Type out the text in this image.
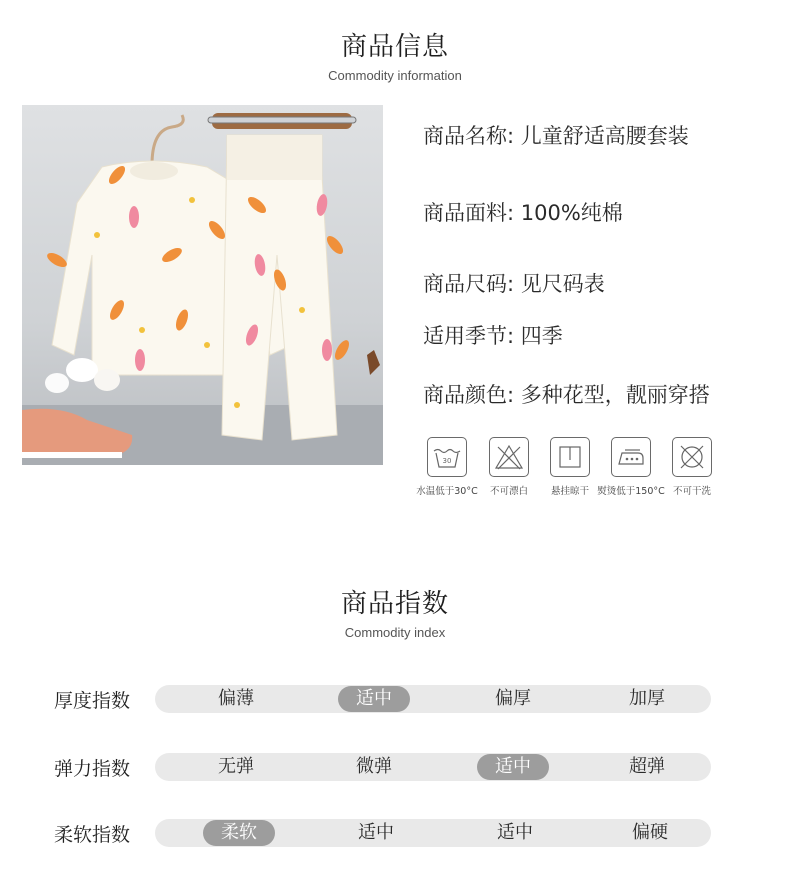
商品信息
Commodity information
商品名称: 儿童舒适高腰套装
商品面料: 100%纯棉
商品尺码: 见尺码表
适用季节: 四季
商品颜色: 多种花型，靓丽穿搭
30
水温低于30°C	不可漂白	悬挂晾干 熨烫低于150°C 不可干洗
商品指数
Commodity index
厚度指数	偏薄	适中	偏厚	加厚
弹力指数	无弹	微弹	适中	超弹
柔软指数	柔软	适中	适中	偏硬
